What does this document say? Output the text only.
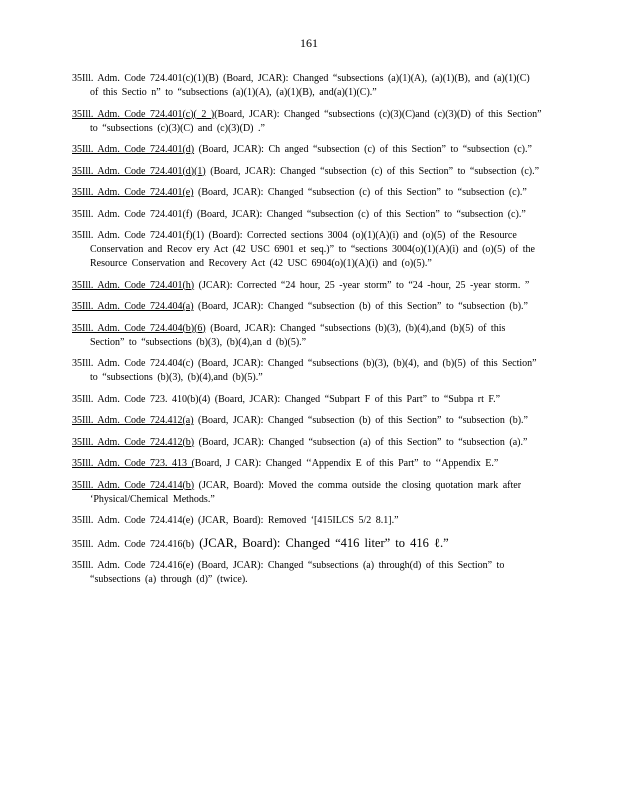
161
35Ill. Adm. Code 724.401(c)(1)(B) (Board, JCAR): Changed “subsections (a)(1)(A), (a)(1)(B), and (a)(1)(C) of this Sectio n” to “subsections (a)(1)(A), (a)(1)(B), and(a)(1)(C).”
35Ill. Adm. Code 724.401(c)( 2 )(Board, JCAR): Changed “subsections (c)(3)(C)and (c)(3)(D) of this Section” to “subsections (c)(3)(C) and (c)(3)(D) .”
35Ill. Adm. Code 724.401(d) (Board, JCAR): Ch anged “subsection (c) of this Section” to “subsection (c).”
35Ill. Adm. Code 724.401(d)(1) (Board, JCAR): Changed “subsection (c) of this Section” to “subsection (c).”
35Ill. Adm. Code 724.401(e) (Board, JCAR): Changed “subsection (c) of this Section” to “subsection (c).”
35Ill. Adm. Code 724.401(f) (Board, JCAR): Changed “subsection (c) of this Section” to “subsection (c).”
35Ill. Adm. Code 724.401(f)(1) (Board): Corrected sections 3004 (o)(1)(A)(i) and (o)(5) of the Resource Conservation and Recov ery Act (42 USC 6901 et seq.)” to “sections 3004(o)(1)(A)(i) and (o)(5) of the Resource Conservation and Recovery Act (42 USC 6904(o)(1)(A)(i) and (o)(5).”
35Ill. Adm. Code 724.401(h) (JCAR): Corrected “24 hour, 25 -year storm” to “24 -hour, 25 -year storm. ”
35Ill. Adm. Code 724.404(a) (Board, JCAR): Changed “subsection (b) of this Section” to “subsection (b).”
35Ill. Adm. Code 724.404(b)(6) (Board, JCAR): Changed “subsections (b)(3), (b)(4),and (b)(5) of this Section” to “subsections (b)(3), (b)(4),an d (b)(5).”
35Ill. Adm. Code 724.404(c) (Board, JCAR): Changed “subsections (b)(3), (b)(4), and (b)(5) of this Section” to “subsections (b)(3), (b)(4),and (b)(5).”
35Ill. Adm. Code 723. 410(b)(4) (Board, JCAR): Changed “Subpart F of this Part” to “Subpa rt F.”
35Ill. Adm. Code 724.412(a) (Board, JCAR): Changed “subsection (b) of this Section” to “subsection (b).”
35Ill. Adm. Code 724.412(b) (Board, JCAR): Changed “subsection (a) of this Section” to “subsection (a).”
35Ill. Adm. Code 723. 413 (Board, J CAR): Changed ‘‘Appendix E of this Part” to ‘‘Appendix E.”
35Ill. Adm. Code 724.414(b) (JCAR, Board): Moved the comma outside the closing quotation mark after ‘Physical/Chemical Methods.”
35Ill. Adm. Code 724.414(e) (JCAR, Board): Removed ‘[415ILCS 5/2 8.1].”
35Ill. Adm. Code 724.416(b) (JCAR, Board): Changed “416 liter” to 416 ℓ.”
35Ill. Adm. Code 724.416(e) (Board, JCAR): Changed “subsections (a) through(d) of this Section” to “subsections (a) through (d)” (twice).
